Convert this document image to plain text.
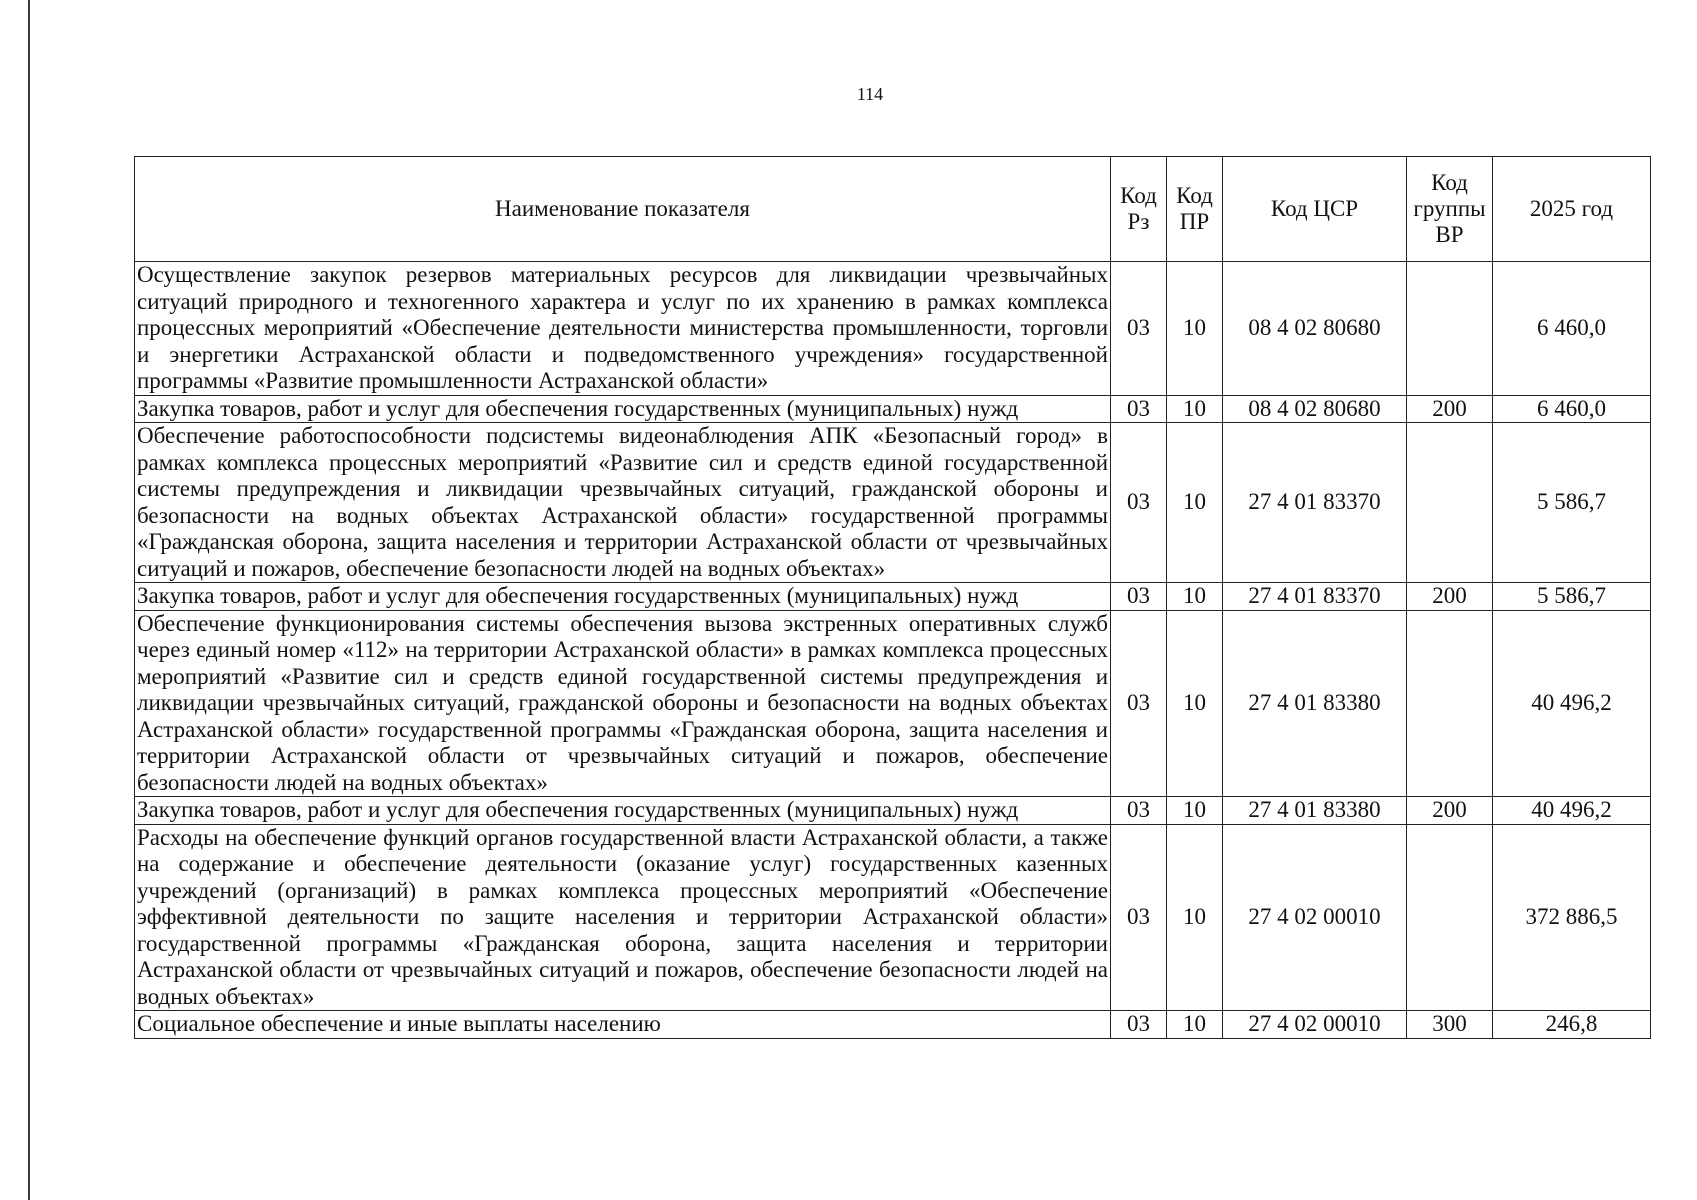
114
Наименование показателя	Код Рз	Код ПР	Код ЦСР	Код группы ВР	2025 год
Осуществление закупок резервов материальных ресурсов для ликвидации чрезвычайных ситуаций природного и техногенного характера и услуг по их хранению в рамках комплекса процессных мероприятий «Обеспечение деятельности министерства промышленности, торговли и энергетики Астраханской области и подведомственного учреждения» государственной программы «Развитие промышленности Астраханской области»	03	10	08 4 02 80680		6 460,0
Закупка товаров, работ и услуг для обеспечения государственных (муниципальных) нужд	03	10	08 4 02 80680	200	6 460,0
Обеспечение работоспособности подсистемы видеонаблюдения АПК «Безопасный город» в рамках комплекса процессных мероприятий «Развитие сил и средств единой государственной системы предупреждения и ликвидации чрезвычайных ситуаций, гражданской обороны и безопасности на водных объектах Астраханской области» государственной программы «Гражданская оборона, защита населения и территории Астраханской области от чрезвычайных ситуаций и пожаров, обеспечение безопасности людей на водных объектах»	03	10	27 4 01 83370		5 586,7
Закупка товаров, работ и услуг для обеспечения государственных (муниципальных) нужд	03	10	27 4 01 83370	200	5 586,7
Обеспечение функционирования системы обеспечения вызова экстренных оперативных служб через единый номер «112» на территории Астраханской области» в рамках комплекса процессных мероприятий «Развитие сил и средств единой государственной системы предупреждения и ликвидации чрезвычайных ситуаций, гражданской обороны и безопасности на водных объектах Астраханской области» государственной программы «Гражданская оборона, защита населения и территории Астраханской области от чрезвычайных ситуаций и пожаров, обеспечение безопасности людей на водных объектах»	03	10	27 4 01 83380		40 496,2
Закупка товаров, работ и услуг для обеспечения государственных (муниципальных) нужд	03	10	27 4 01 83380	200	40 496,2
Расходы на обеспечение функций органов государственной власти Астраханской области, а также на содержание и обеспечение деятельности (оказание услуг) государственных казенных учреждений (организаций) в рамках комплекса процессных мероприятий «Обеспечение эффективной деятельности по защите населения и территории Астраханской области» государственной программы «Гражданская оборона, защита населения и территории Астраханской области от чрезвычайных ситуаций и пожаров, обеспечение безопасности людей на водных объектах»	03	10	27 4 02 00010		372 886,5
Социальное обеспечение и иные выплаты населению	03	10	27 4 02 00010	300	246,8
